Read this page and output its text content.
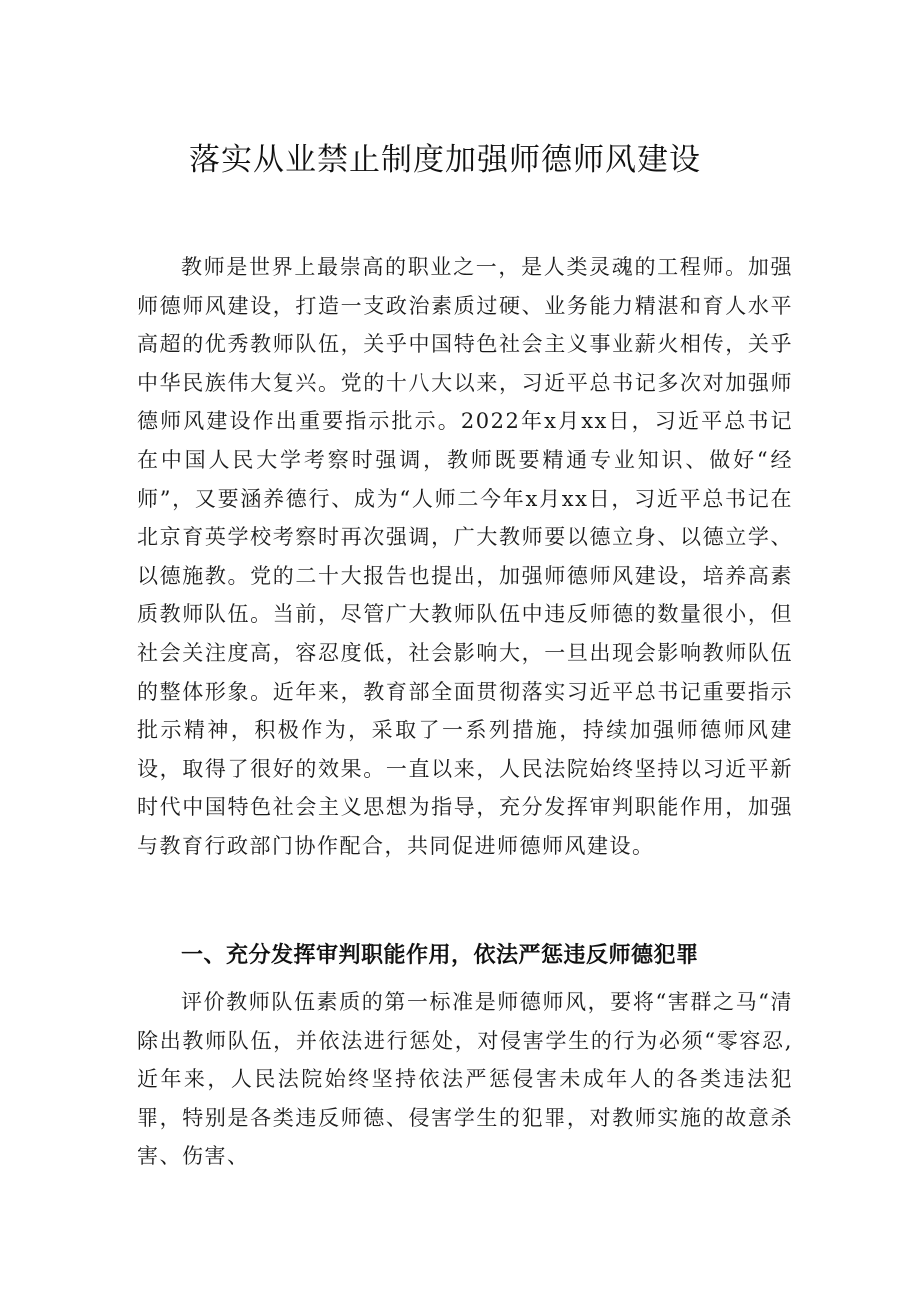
落实从业禁止制度加强师德师风建设

教师是世界上最崇高的职业之一，是人类灵魂的工程师。加强师德师风建设，打造一支政治素质过硬、业务能力精湛和育人水平高超的优秀教师队伍，关乎中国特色社会主义事业薪火相传，关乎中华民族伟大复兴。党的十八大以来，习近平总书记多次对加强师德师风建设作出重要指示批示。2022年x月xx日，习近平总书记在中国人民大学考察时强调，教师既要精通专业知识、做好“经师”，又要涵养德行、成为“人师二今年x月xx日，习近平总书记在北京育英学校考察时再次强调，广大教师要以德立身、以德立学、以德施教。党的二十大报告也提出，加强师德师风建设，培养高素质教师队伍。当前，尽管广大教师队伍中违反师德的数量很小，但社会关注度高，容忍度低，社会影响大，一旦出现会影响教师队伍的整体形象。近年来，教育部全面贯彻落实习近平总书记重要指示批示精神，积极作为，采取了一系列措施，持续加强师德师风建设，取得了很好的效果。一直以来，人民法院始终坚持以习近平新时代中国特色社会主义思想为指导，充分发挥审判职能作用，加强与教育行政部门协作配合，共同促进师德师风建设。

一、充分发挥审判职能作用，依法严惩违反师德犯罪

评价教师队伍素质的第一标准是师德师风，要将“害群之马“清除出教师队伍，并依法进行惩处，对侵害学生的行为必须“零容忍,近年来，人民法院始终坚持依法严惩侵害未成年人的各类违法犯罪，特别是各类违反师德、侵害学生的犯罪，对教师实施的故意杀害、伤害、
